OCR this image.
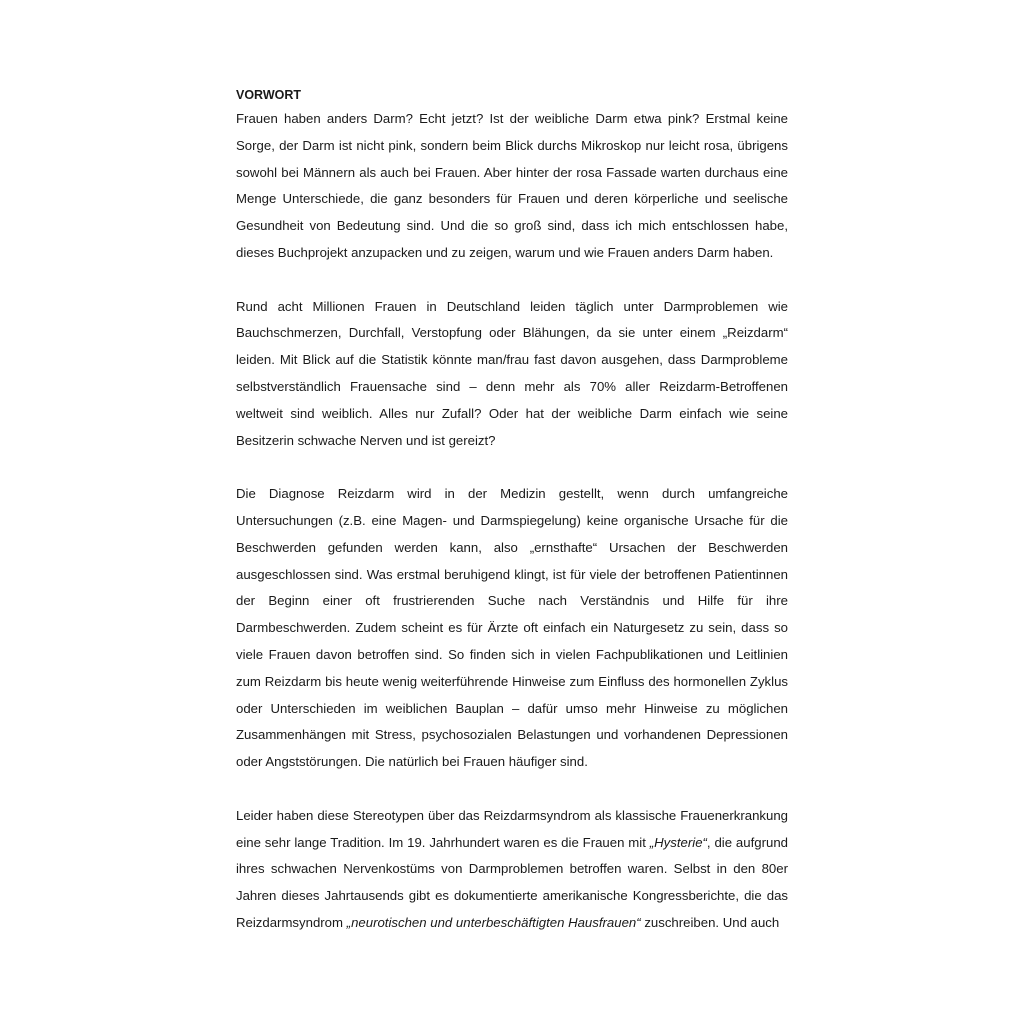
VORWORT

Frauen haben anders Darm? Echt jetzt? Ist der weibliche Darm etwa pink? Erstmal keine Sorge, der Darm ist nicht pink, sondern beim Blick durchs Mikroskop nur leicht rosa, übrigens sowohl bei Männern als auch bei Frauen. Aber hinter der rosa Fassade warten durchaus eine Menge Unterschiede, die ganz besonders für Frauen und deren körperliche und seelische Gesundheit von Bedeutung sind. Und die so groß sind, dass ich mich entschlossen habe, dieses Buchprojekt anzupacken und zu zeigen, warum und wie Frauen anders Darm haben.

Rund acht Millionen Frauen in Deutschland leiden täglich unter Darmproblemen wie Bauchschmerzen, Durchfall, Verstopfung oder Blähungen, da sie unter einem „Reizdarm“ leiden. Mit Blick auf die Statistik könnte man/frau fast davon ausgehen, dass Darmprobleme selbstverständlich Frauensache sind – denn mehr als 70% aller Reizdarm-Betroffenen weltweit sind weiblich. Alles nur Zufall? Oder hat der weibliche Darm einfach wie seine Besitzerin schwache Nerven und ist gereizt?

Die Diagnose Reizdarm wird in der Medizin gestellt, wenn durch umfangreiche Untersuchungen (z.B. eine Magen- und Darmspiegelung) keine organische Ursache für die Beschwerden gefunden werden kann, also „ernsthafte“ Ursachen der Beschwerden ausgeschlossen sind. Was erstmal beruhigend klingt, ist für viele der betroffenen Patientinnen der Beginn einer oft frustrierenden Suche nach Verständnis und Hilfe für ihre Darmbeschwerden. Zudem scheint es für Ärzte oft einfach ein Naturgesetz zu sein, dass so viele Frauen davon betroffen sind. So finden sich in vielen Fachpublikationen und Leitlinien zum Reizdarm bis heute wenig weiterführende Hinweise zum Einfluss des hormonellen Zyklus oder Unterschieden im weiblichen Bauplan – dafür umso mehr Hinweise zu möglichen Zusammenhängen mit Stress, psychosozialen Belastungen und vorhandenen Depressionen oder Angststörungen. Die natürlich bei Frauen häufiger sind.

Leider haben diese Stereotypen über das Reizdarmsyndrom als klassische Frauenerkrankung eine sehr lange Tradition. Im 19. Jahrhundert waren es die Frauen mit „Hysterie“, die aufgrund ihres schwachen Nervenkostüms von Darmproblemen betroffen waren. Selbst in den 80er Jahren dieses Jahrtausends gibt es dokumentierte amerikanische Kongressberichte, die das Reizdarmsyndrom „neurotischen und unterbeschäftigten Hausfrauen“ zuschreiben. Und auch
